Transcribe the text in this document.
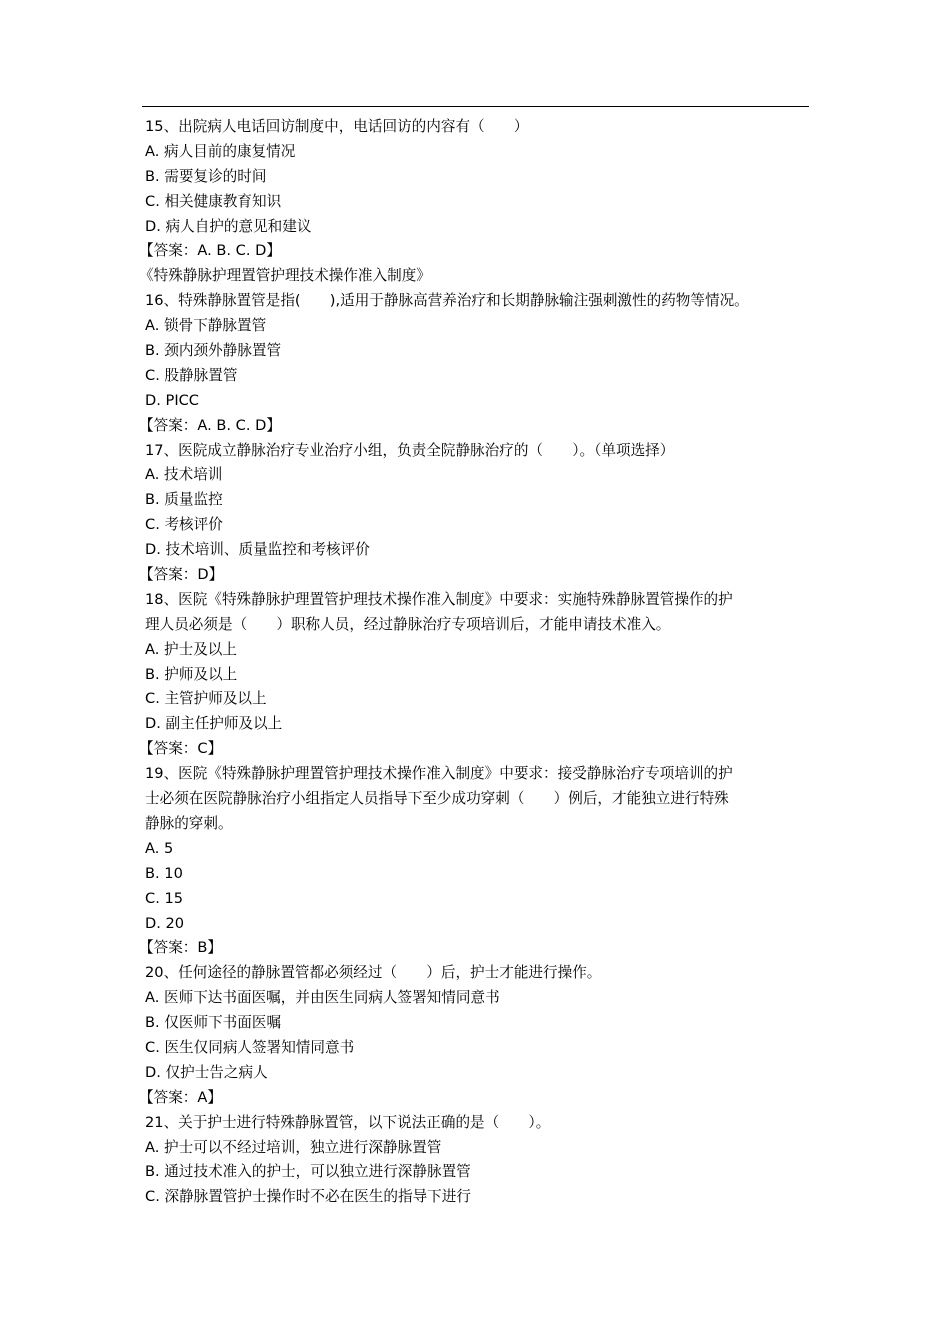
15、出院病人电话回访制度中，电话回访的内容有（　　）
A. 病人目前的康复情况
B. 需要复诊的时间
C. 相关健康教育知识
D. 病人自护的意见和建议
【答案：A. B. C. D】
《特殊静脉护理置管护理技术操作准入制度》
16、特殊静脉置管是指(　　),适用于静脉高营养治疗和长期静脉输注强刺激性的药物等情况。
A. 锁骨下静脉置管
B. 颈内颈外静脉置管
C. 股静脉置管
D. PICC
【答案：A. B. C. D】
17、医院成立静脉治疗专业治疗小组，负责全院静脉治疗的（　　）。（单项选择）
A. 技术培训
B. 质量监控
C. 考核评价
D. 技术培训、质量监控和考核评价
【答案：D】
18、医院《特殊静脉护理置管护理技术操作准入制度》中要求：实施特殊静脉置管操作的护
理人员必须是（　　）职称人员，经过静脉治疗专项培训后，才能申请技术准入。
A. 护士及以上
B. 护师及以上
C. 主管护师及以上
D. 副主任护师及以上
【答案：C】
19、医院《特殊静脉护理置管护理技术操作准入制度》中要求：接受静脉治疗专项培训的护
士必须在医院静脉治疗小组指定人员指导下至少成功穿刺（　　）例后，才能独立进行特殊
静脉的穿刺。
A. 5
B. 10
C. 15
D. 20
【答案：B】
20、任何途径的静脉置管都必须经过（　　）后，护士才能进行操作。
A. 医师下达书面医嘱，并由医生同病人签署知情同意书
B. 仅医师下书面医嘱
C. 医生仅同病人签署知情同意书
D. 仅护士告之病人
【答案：A】
21、关于护士进行特殊静脉置管，以下说法正确的是（　　）。
A. 护士可以不经过培训，独立进行深静脉置管
B. 通过技术准入的护士，可以独立进行深静脉置管
C. 深静脉置管护士操作时不必在医生的指导下进行
